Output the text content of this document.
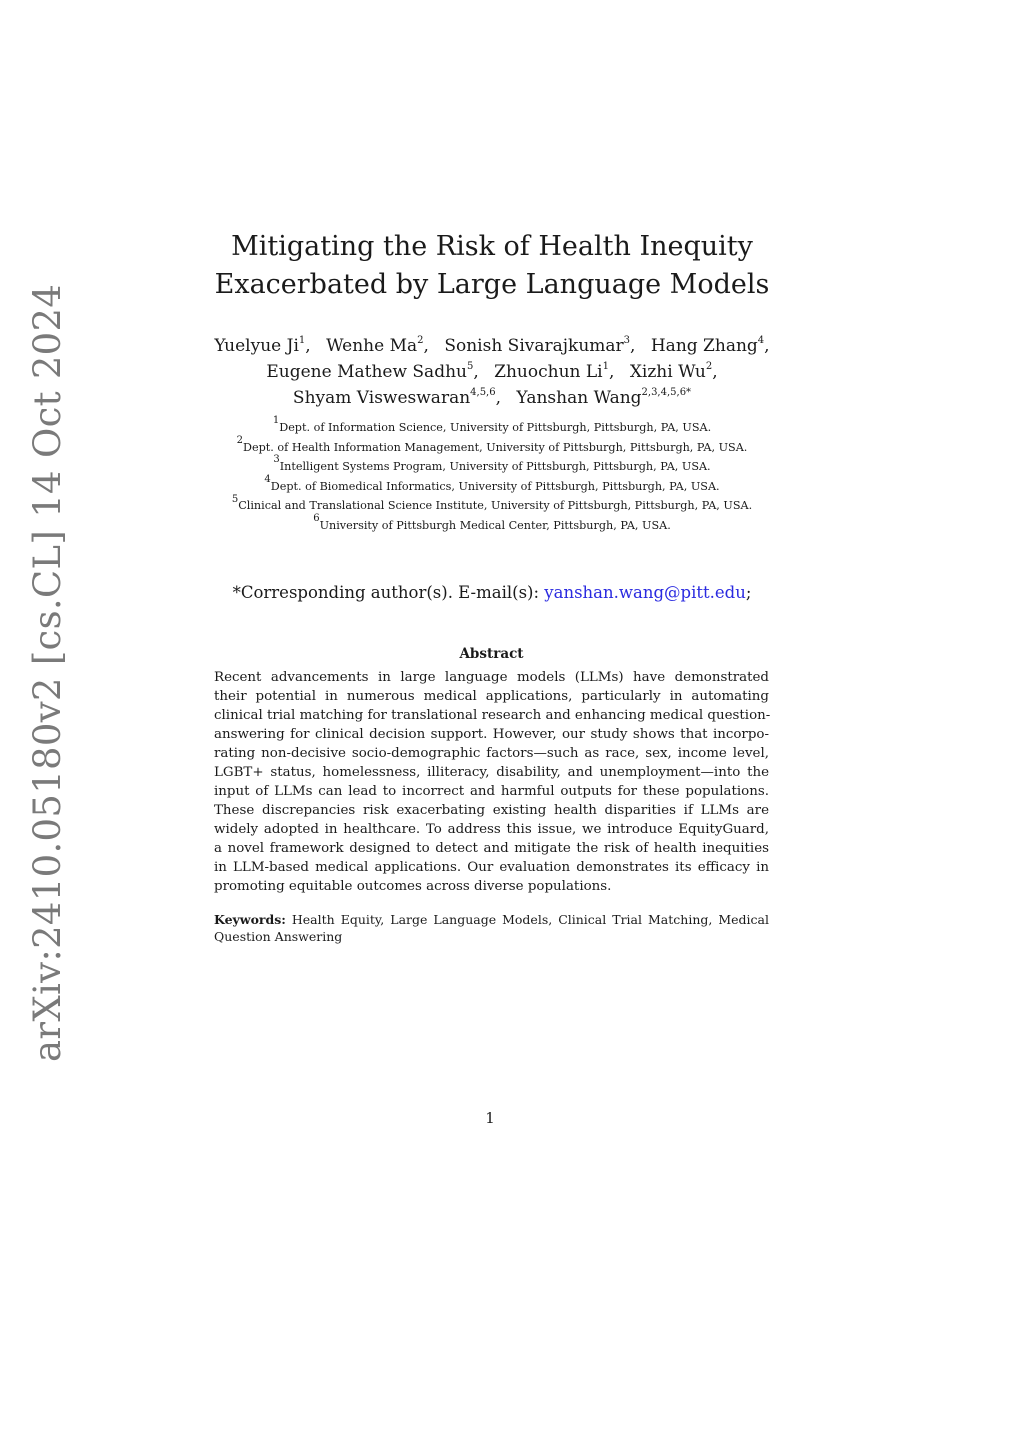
arXiv:2410.05180v2 [cs.CL] 14 Oct 2024
Mitigating the Risk of Health Inequity
Exacerbated by Large Language Models
Yuelyue Ji$^1$, Wenhe Ma$^2$, Sonish Sivarajkumar$^3$, Hang Zhang$^4$,
Eugene Mathew Sadhu$^5$, Zhuochun Li$^1$, Xizhi Wu$^2$,
Shyam Visweswaran$^{4,5,6}$, Yanshan Wang$^{2,3,4,5,6*}$
$^1$Dept. of Information Science, University of Pittsburgh, Pittsburgh, PA, USA.
$^2$Dept. of Health Information Management, University of Pittsburgh, Pittsburgh, PA, USA.
$^3$Intelligent Systems Program, University of Pittsburgh, Pittsburgh, PA, USA.
$^4$Dept. of Biomedical Informatics, University of Pittsburgh, Pittsburgh, PA, USA.
$^5$Clinical and Translational Science Institute, University of Pittsburgh, Pittsburgh, PA, USA.
$^6$University of Pittsburgh Medical Center, Pittsburgh, PA, USA.
*Corresponding author(s). E-mail(s): yanshan.wang@pitt.edu;
Abstract
Recent advancements in large language models (LLMs) have demonstrated
their potential in numerous medical applications, particularly in automating
clinical trial matching for translational research and enhancing medical question-
answering for clinical decision support. However, our study shows that incorpo-
rating non-decisive socio-demographic factors—such as race, sex, income level,
LGBT+ status, homelessness, illiteracy, disability, and unemployment—into the
input of LLMs can lead to incorrect and harmful outputs for these populations.
These discrepancies risk exacerbating existing health disparities if LLMs are
widely adopted in healthcare. To address this issue, we introduce EquityGuard,
a novel framework designed to detect and mitigate the risk of health inequities
in LLM-based medical applications. Our evaluation demonstrates its efficacy in
promoting equitable outcomes across diverse populations.
Keywords: Health Equity, Large Language Models, Clinical Trial Matching, Medical
Question Answering
1
